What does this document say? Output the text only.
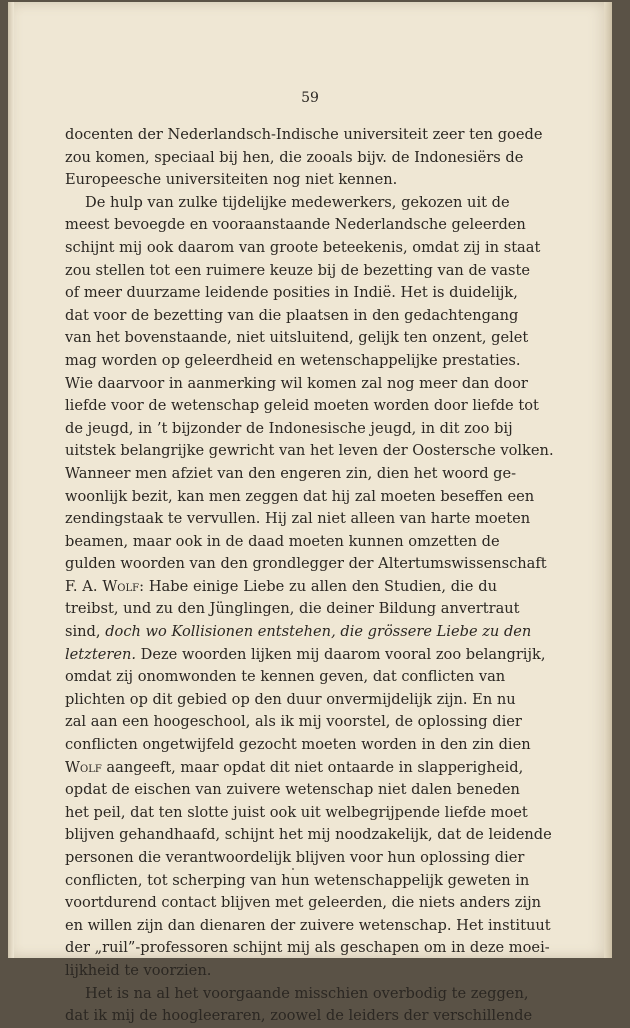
59
docenten der Nederlandsch-Indische universiteit zeer ten goede
zou komen, speciaal bij hen, die zooals bijv. de Indonesiërs de
Europeesche universiteiten nog niet kennen.
De hulp van zulke tijdelijke medewerkers, gekozen uit de
meest bevoegde en vooraanstaande Nederlandsche geleerden
schijnt mij ook daarom van groote beteekenis, omdat zij in staat
zou stellen tot een ruimere keuze bij de bezetting van de vaste
of meer duurzame leidende posities in Indië. Het is duidelijk,
dat voor de bezetting van die plaatsen in den gedachtengang
van het bovenstaande, niet uitsluitend, gelijk ten onzent, gelet
mag worden op geleerdheid en wetenschappelijke prestaties.
Wie daarvoor in aanmerking wil komen zal nog meer dan door
liefde voor de wetenschap geleid moeten worden door liefde tot
de jeugd, in ’t bijzonder de Indonesische jeugd, in dit zoo bij
uitstek belangrijke gewricht van het leven der Oostersche volken.
Wanneer men afziet van den engeren zin, dien het woord ge-
woonlijk bezit, kan men zeggen dat hij zal moeten beseffen een
zendingstaak te vervullen. Hij zal niet alleen van harte moeten
beamen, maar ook in de daad moeten kunnen omzetten de
gulden woorden van den grondlegger der Altertumswissenschaft
F. A. Wolf: Habe einige Liebe zu allen den Studien, die du
treibst, und zu den Jünglingen, die deiner Bildung anvertraut
sind, doch wo Kollisionen entstehen, die grössere Liebe zu den
letzteren. Deze woorden lijken mij daarom vooral zoo belangrijk,
omdat zij onomwonden te kennen geven, dat conflicten van
plichten op dit gebied op den duur onvermijdelijk zijn. En nu
zal aan een hoogeschool, als ik mij voorstel, de oplossing dier
conflicten ongetwijfeld gezocht moeten worden in den zin dien
Wolf aangeeft, maar opdat dit niet ontaarde in slapperigheid,
opdat de eischen van zuivere wetenschap niet dalen beneden
het peil, dat ten slotte juist ook uit welbegrijpende liefde moet
blijven gehandhaafd, schijnt het mij noodzakelijk, dat de leidende
personen die verantwoordelijk blijven voor hun oplossing dier
conflicten, tot scherping van hun wetenschappelijk geweten in
voortdurend contact blijven met geleerden, die niets anders zijn
en willen zijn dan dienaren der zuivere wetenschap. Het instituut
der „ruil”-professoren schijnt mij als geschapen om in deze moei-
lijkheid te voorzien.
Het is na al het voorgaande misschien overbodig te zeggen,
dat ik mij de hoogleeraren, zoowel de leiders der verschillende
